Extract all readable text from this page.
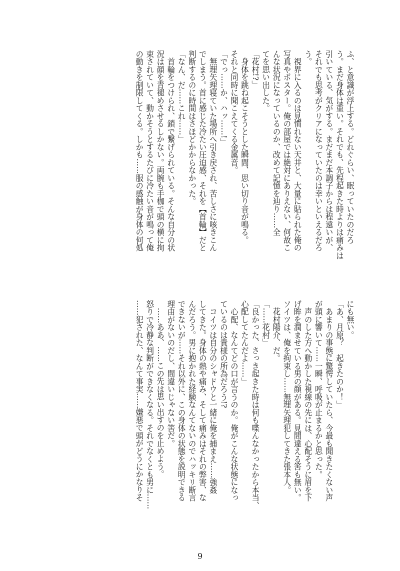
ふ、と意識が浮上する。どれぐらい、眠っていたのだろ
う。まだ身体は重い。それでも、先程起きた時よりは痛みは
引いている、気がする。まだまだ本調子からは程遠いが、
それでも思考がクリアになっていたのは幸いといえるだろ
う。
　視界に入るのは見慣れない天井と、大量に貼られた俺の
写真やポスター。俺の部屋では絶対にありえない、何故こ
んな状況になっているのか、改めて記憶を辿り……全
てを思い出した。
「花村!?」
　身体を跳ね起こそうとした瞬間、思い切り音が鳴る。
それと同時に聞こえてくる金属音。
「でっ……か、ハッ……!」
　無理矢理寝ていた場所へ引き戻され、苦しさに咳きこん
でしまう。首に感じた冷たい圧迫感、それを【首輪】だと
判断するのに時間はさほどかからなかった。
「なん、だ……これ……」
　首輪をつけられ、鎖で繋げられている。そんな自分の状
況は顔を青褪めさせるしかない。両腕も手枷で頭の横に拘
束されていて、動かそうとするたびに冷たい音が鳴って俺
の動きを制限してくる。しかも……服の感触が身体の何処
にも無い。
「あ、月原？　起きたのか！」
　あまりの事態に驚愕していたら、今最も聞きたくない声
が頭に響いて……一瞬、呼吸が止まるかと思った。
　声のした方へ動かした視線の先には、心配そうに眉を下
げ眸を潤ませている男の顔がある。見間違える筈も無い。
ソイツは、俺を拘束し……無理矢理犯してきた張本人。
　花村陽介、だ。
「……花村」
「良かった、さっき起きた時は何も喋んなかったから本当、
心配してたんだよ……」
　心配、なんてどの口が言うのか。俺がこんな状態になっ
ているのは貴様の所為だろう!?
　コイツは自分のシャドウと一緒に俺を捕まえ……強姦
してきた。身体の熱や痛み、そして痛みはそれの弊害、な
んだろう。男に抱かれた経験なんてないのでハッキリ断言
できないが……それ以外に、この身体の状態を説明できる
理由がないのだし、間違いじゃない筈だ。
　……ああ、……この先は思い出すのを止めよう。
怒りで冷静な判断ができなくなる。それでなくとも男に……
……犯された、なんて事実……嫌悪で頭がどうにかなりそ
9
